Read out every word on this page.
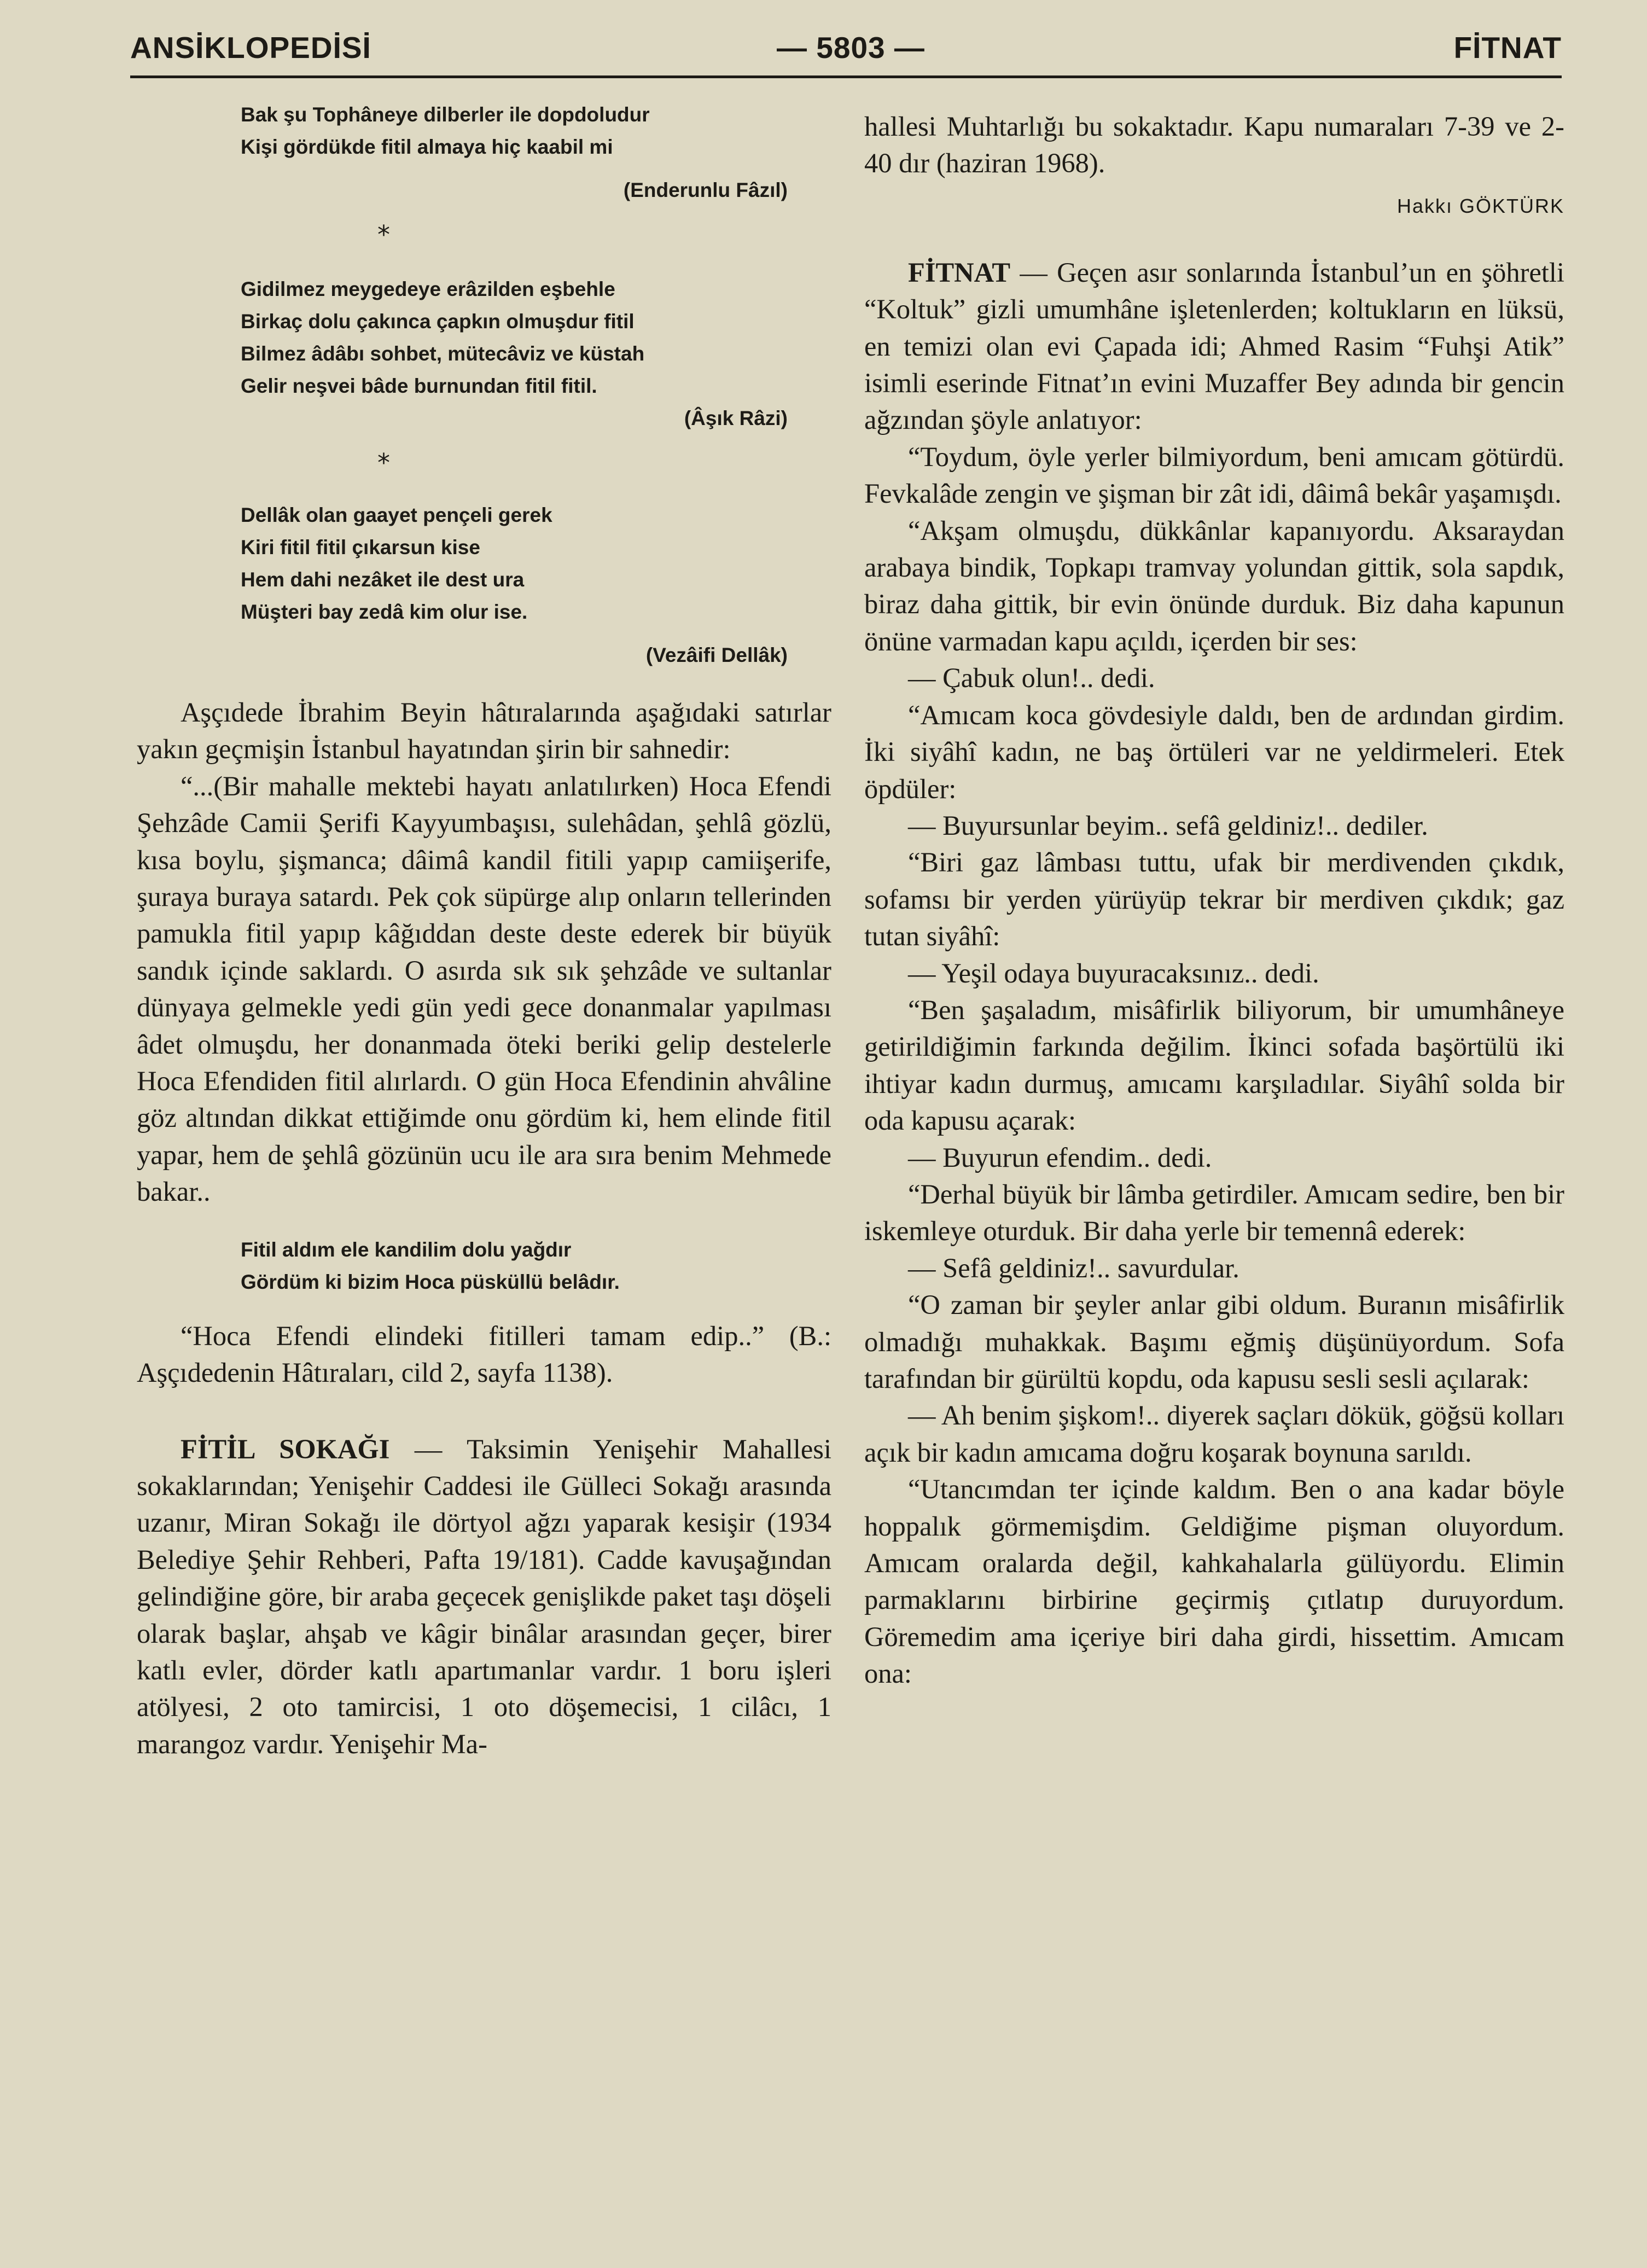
ANSİKLOPEDİSİ	— 5803 —	FİTNAT
Bak şu Tophâneye dilberler ile dopdoludur
Kişi gördükde fitil almaya hiç kaabil mi
(Enderunlu Fâzıl)
*
Gidilmez meygedeye erâzilden eşbehle
Birkaç dolu çakınca çapkın olmuşdur fitil
Bilmez âdâbı sohbet, mütecâviz ve küstah
Gelir neşvei bâde burnundan fitil fitil.
(Âşık Râzi)
*
Dellâk olan gaayet pençeli gerek
Kiri fitil fitil çıkarsun kise
Hem dahi nezâket ile dest ura
Müşteri bay zedâ kim olur ise.
(Vezâifi Dellâk)

Aşçıdede İbrahim Beyin hâtıralarında aşağıdaki satırlar yakın geçmişin İstanbul hayatından şirin bir sahnedir:

“...(Bir mahalle mektebi hayatı anlatılırken) Hoca Efendi Şehzâde Camii Şerifi Kayyumbaşısı, sulehâdan, şehlâ gözlü, kısa boylu, şişmanca; dâimâ kandil fitili yapıp camiişerife, şuraya buraya satardı. Pek çok süpürge alıp onların tellerinden pamukla fitil yapıp kâğıddan deste deste ederek bir büyük sandık içinde saklardı. O asırda sık sık şehzâde ve sultanlar dünyaya gelmekle yedi gün yedi gece donanmalar yapılması âdet olmuşdu, her donanmada öteki beriki gelip destelerle Hoca Efendiden fitil alırlardı. O gün Hoca Efendinin ahvâline göz altından dikkat ettiğimde onu gördüm ki, hem elinde fitil yapar, hem de şehlâ gözünün ucu ile ara sıra benim Mehmede bakar..

Fitil aldım ele kandilim dolu yağdır
Gördüm ki bizim Hoca püsküllü belâdır.

“Hoca Efendi elindeki fitilleri tamam edip..” (B.: Aşçıdedenin Hâtıraları, cild 2, sayfa 1138).

FİTİL SOKAĞI — Taksimin Yenişehir Mahallesi sokaklarından; Yenişehir Caddesi ile Gülleci Sokağı arasında uzanır, Miran Sokağı ile dörtyol ağzı yaparak kesişir (1934 Belediye Şehir Rehberi, Pafta 19/181). Cadde kavuşağından gelindiğine göre, bir araba geçecek genişlikde paket taşı döşeli olarak başlar, ahşab ve kâgir binâlar arasından geçer, birer katlı evler, dörder katlı apartımanlar vardır. 1 boru işleri atölyesi, 2 oto tamircisi, 1 oto döşemecisi, 1 cilâcı, 1 marangoz vardır. Yenişehir Ma-

hallesi Muhtarlığı bu sokaktadır. Kapu numaraları 7-39 ve 2-40 dır (haziran 1968).

Hakkı GÖKTÜRK

FİTNAT — Geçen asır sonlarında İstanbul’un en şöhretli “Koltuk” gizli umumhâne işletenlerden; koltukların en lüksü, en temizi olan evi Çapada idi; Ahmed Rasim “Fuhşi Atik” isimli eserinde Fitnat’ın evini Muzaffer Bey adında bir gencin ağzından şöyle anlatıyor:

“Toydum, öyle yerler bilmiyordum, beni amıcam götürdü. Fevkalâde zengin ve şişman bir zât idi, dâimâ bekâr yaşamışdı.

“Akşam olmuşdu, dükkânlar kapanıyordu. Aksaraydan arabaya bindik, Topkapı tramvay yolundan gittik, sola sapdık, biraz daha gittik, bir evin önünde durduk. Biz daha kapunun önüne varmadan kapu açıldı, içerden bir ses:

— Çabuk olun!.. dedi.

“Amıcam koca gövdesiyle daldı, ben de ardından girdim. İki siyâhî kadın, ne baş örtüleri var ne yeldirmeleri. Etek öpdüler:

— Buyursunlar beyim.. sefâ geldiniz!.. dediler.

“Biri gaz lâmbası tuttu, ufak bir merdivenden çıkdık, sofamsı bir yerden yürüyüp tekrar bir merdiven çıkdık; gaz tutan siyâhî:

— Yeşil odaya buyuracaksınız.. dedi.

“Ben şaşaladım, misâfirlik biliyorum, bir umumhâneye getirildiğimin farkında değilim. İkinci sofada başörtülü iki ihtiyar kadın durmuş, amıcamı karşıladılar. Siyâhî solda bir oda kapusu açarak:

— Buyurun efendim.. dedi.

“Derhal büyük bir lâmba getirdiler. Amıcam sedire, ben bir iskemleye oturduk. Bir daha yerle bir temennâ ederek:

— Sefâ geldiniz!.. savurdular.

“O zaman bir şeyler anlar gibi oldum. Buranın misâfirlik olmadığı muhakkak. Başımı eğmiş düşünüyordum. Sofa tarafından bir gürültü kopdu, oda kapusu sesli sesli açılarak:

— Ah benim şişkom!.. diyerek saçları dökük, göğsü kolları açık bir kadın amıcama doğru koşarak boynuna sarıldı.

“Utancımdan ter içinde kaldım. Ben o ana kadar böyle hoppalık görmemişdim. Geldiğime pişman oluyordum. Amıcam oralarda değil, kahkahalarla gülüyordu. Elimin parmaklarını birbirine geçirmiş çıtlatıp duruyordum. Göremedim ama içeriye biri daha girdi, hissettim. Amıcam ona:
